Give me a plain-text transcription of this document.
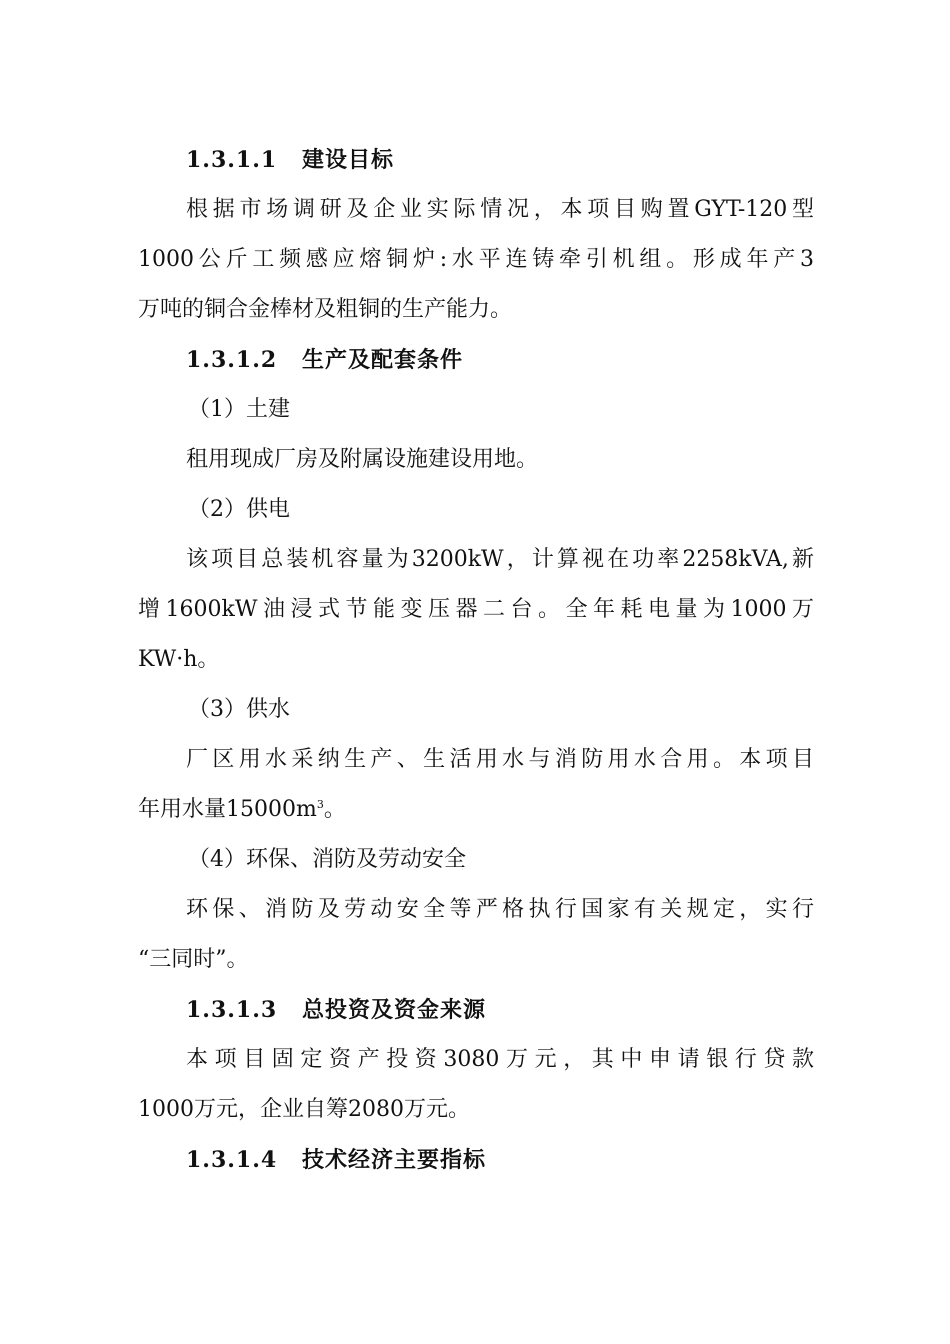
1.3.1.1 建设目标
根据市场调研及企业实际情况，本项目购置GYT-120型
1000公斤工频感应熔铜炉:水平连铸牵引机组。形成年产3
万吨的铜合金棒材及粗铜的生产能力。
1.3.1.2 生产及配套条件
（1）土建
租用现成厂房及附属设施建设用地。
（2）供电
该项目总装机容量为3200kW，计算视在功率2258kVA,新
增1600kW油浸式节能变压器二台。全年耗电量为1000万
KW·h。
（3）供水
厂区用水采纳生产、生活用水与消防用水合用。本项目
年用水量$15000m^3$。
（4）环保、消防及劳动安全
环保、消防及劳动安全等严格执行国家有关规定，实行
“三同时”。
1.3.1.3 总投资及资金来源
本项目固定资产投资3080万元，其中申请银行贷款
1000万元，企业自筹2080万元。
1.3.1.4 技术经济主要指标
